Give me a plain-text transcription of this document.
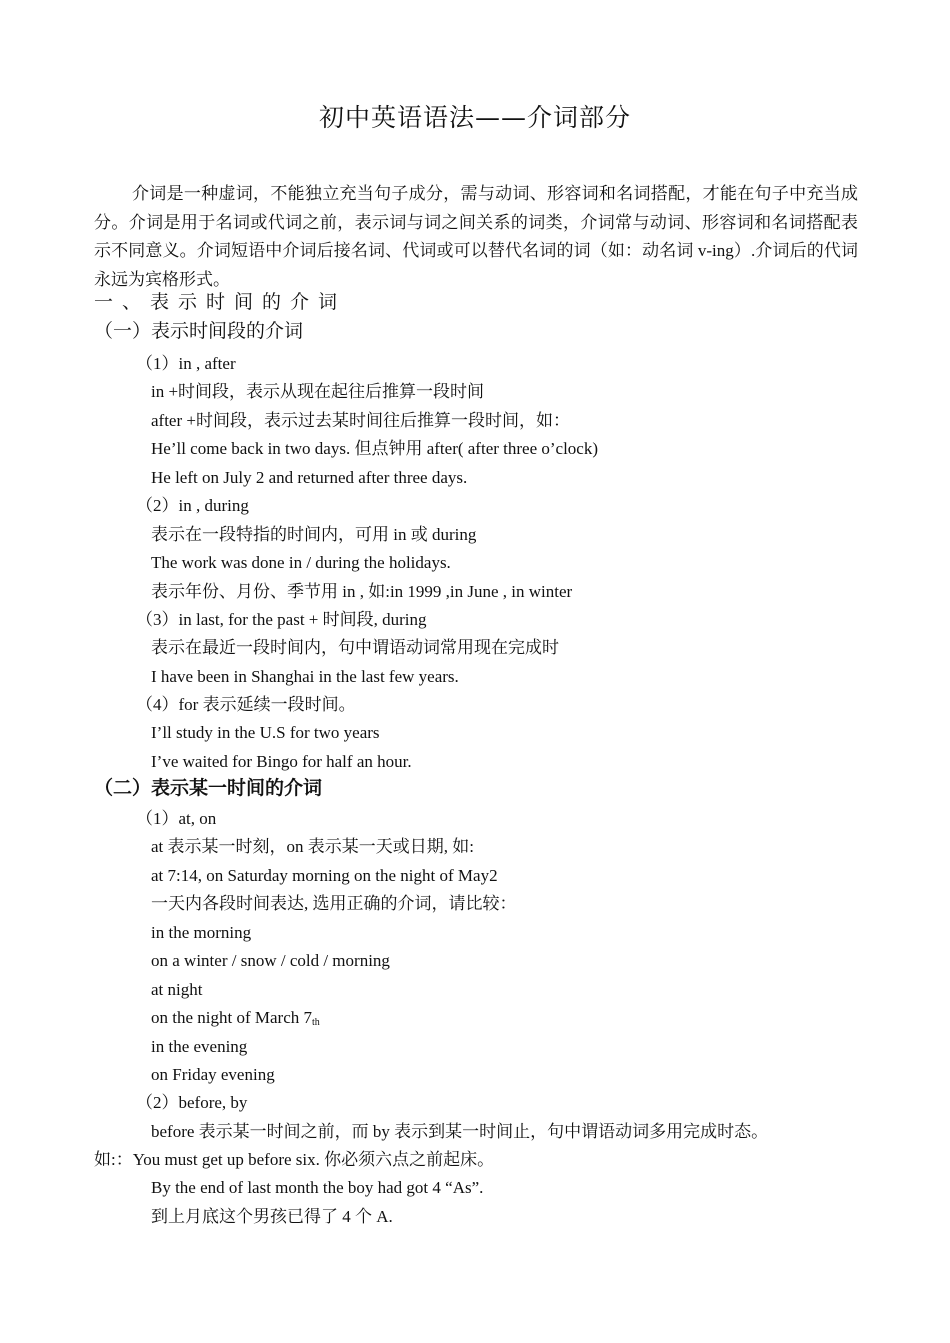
初中英语语法——介词部分
介词是一种虚词，不能独立充当句子成分，需与动词、形容词和名词搭配，才能在句子中充当成分。介词是用于名词或代词之前，表示词与词之间关系的词类，介词常与动词、形容词和名词搭配表示不同意义。介词短语中介词后接名词、代词或可以替代名词的词（如：动名词 v-ing）.介词后的代词永远为宾格形式。
一、表示时间的介词
（一）表示时间段的介词
（1）in , after
in +时间段，表示从现在起往后推算一段时间
after +时间段，表示过去某时间往后推算一段时间，如：
He’ll come back in two days. 但点钟用 after( after three o’clock)
He left on July 2 and returned after three days.
（2）in , during
表示在一段特指的时间内，可用 in 或 during
The work was done in / during the holidays.
表示年份、月份、季节用 in , 如:in 1999 ,in June , in winter
（3）in last, for the past + 时间段, during
表示在最近一段时间内，句中谓语动词常用现在完成时
I have been in Shanghai in the last few years.
（4）for 表示延续一段时间。
I’ll study in the U.S for two years
I’ve waited for Bingo for half an hour.
（二）表示某一时间的介词
（1）at, on
at 表示某一时刻，on 表示某一天或日期, 如:
at 7:14, on Saturday morning on the night of May2
一天内各段时间表达, 选用正确的介词，请比较：
in the morning
on a winter / snow / cold / morning
at night
on the night of March $7_{th}$
in the evening
on Friday evening
（2）before, by
before 表示某一时间之前，而 by 表示到某一时间止，句中谓语动词多用完成时态。
如:：You must get up before six. 你必须六点之前起床。
By the end of last month the boy had got 4 “As”.
到上月底这个男孩已得了 4 个 A.
